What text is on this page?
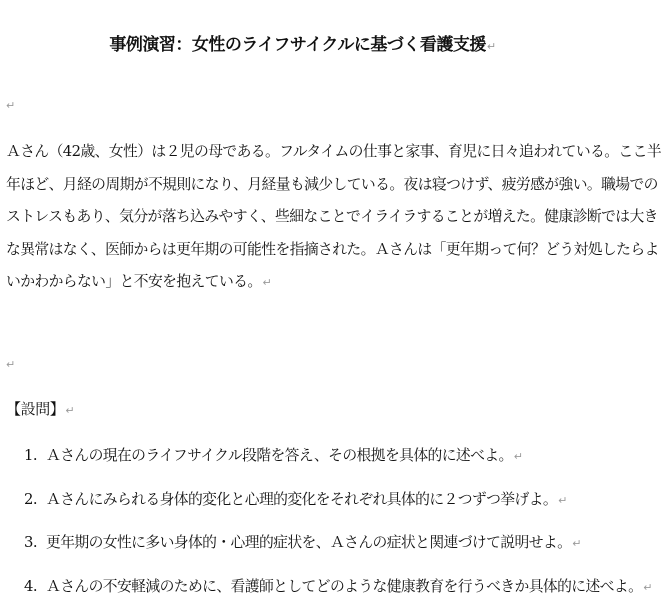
事例演習：女性のライフサイクルに基づく看護支援↵
↵
Ａさん（42歳、女性）は２児の母である。フルタイムの仕事と家事、育児に日々追われている。ここ半
年ほど、月経の周期が不規則になり、月経量も減少している。夜は寝つけず、疲労感が強い。職場での
ストレスもあり、気分が落ち込みやすく、些細なことでイライラすることが増えた。健康診断では大き
な異常はなく、医師からは更年期の可能性を指摘された。Ａさんは「更年期って何？どう対処したらよ
いかわからない」と不安を抱えている。↵
↵
【設問】↵
1. Ａさんの現在のライフサイクル段階を答え、その根拠を具体的に述べよ。↵
2. Ａさんにみられる身体的変化と心理的変化をそれぞれ具体的に２つずつ挙げよ。↵
3. 更年期の女性に多い身体的・心理的症状を、Ａさんの症状と関連づけて説明せよ。↵
4. Ａさんの不安軽減のために、看護師としてどのような健康教育を行うべきか具体的に述べよ。↵
